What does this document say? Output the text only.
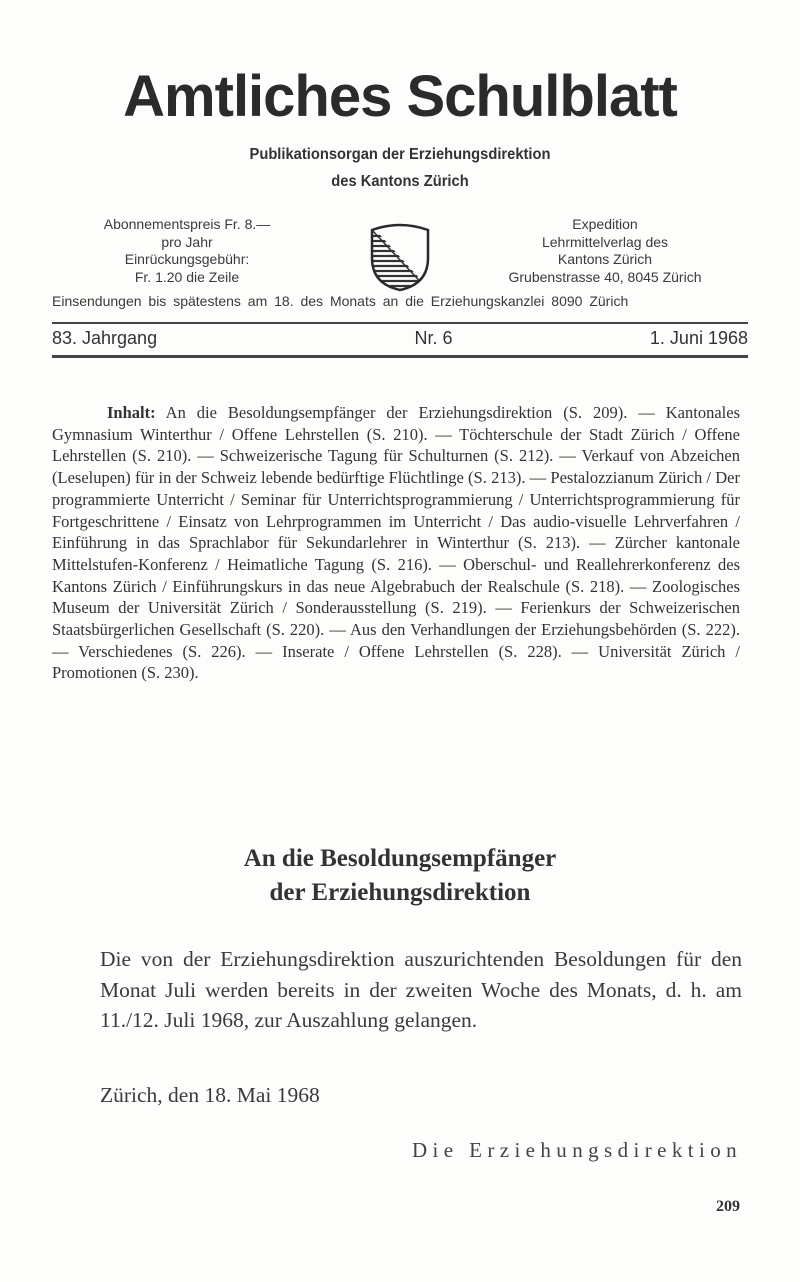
Amtliches Schulblatt
Publikationsorgan der Erziehungsdirektion
des Kantons Zürich
Abonnementspreis Fr. 8.—
pro Jahr
Einrückungsgebühr:
Fr. 1.20 die Zeile
Expedition
Lehrmittelverlag des
Kantons Zürich
Grubenstrasse 40, 8045 Zürich
Einsendungen bis spätestens am 18. des Monats an die Erziehungskanzlei 8090 Zürich
83. Jahrgang	Nr. 6	1. Juni 1968
Inhalt: An die Besoldungsempfänger der Erziehungsdirektion (S. 209). — Kantonales Gymnasium Winterthur / Offene Lehrstellen (S. 210). — Töchterschule der Stadt Zürich / Offene Lehrstellen (S. 210). — Schweizerische Tagung für Schulturnen (S. 212). — Verkauf von Abzeichen (Leselupen) für in der Schweiz lebende bedürftige Flüchtlinge (S. 213). — Pestalozzianum Zürich / Der programmierte Unterricht / Seminar für Unterrichtsprogrammierung / Unterrichtsprogrammierung für Fortgeschrittene / Einsatz von Lehrprogrammen im Unterricht / Das audio-visuelle Lehrverfahren / Einführung in das Sprachlabor für Sekundarlehrer in Winterthur (S. 213). — Zürcher kantonale Mittelstufen-Konferenz / Heimatliche Tagung (S. 216). — Oberschul- und Reallehrerkonferenz des Kantons Zürich / Einführungskurs in das neue Algebrabuch der Realschule (S. 218). — Zoologisches Museum der Universität Zürich / Sonderausstellung (S. 219). — Ferienkurs der Schweizerischen Staatsbürgerlichen Gesellschaft (S. 220). — Aus den Verhandlungen der Erziehungsbehörden (S. 222). — Verschiedenes (S. 226). — Inserate / Offene Lehrstellen (S. 228). — Universität Zürich / Promotionen (S. 230).
An die Besoldungsempfänger
der Erziehungsdirektion
Die von der Erziehungsdirektion auszurichtenden Besoldungen für den Monat Juli werden bereits in der zweiten Woche des Monats, d. h. am 11./12. Juli 1968, zur Auszahlung gelangen.
Zürich, den 18. Mai 1968
Die Erziehungsdirektion
209
